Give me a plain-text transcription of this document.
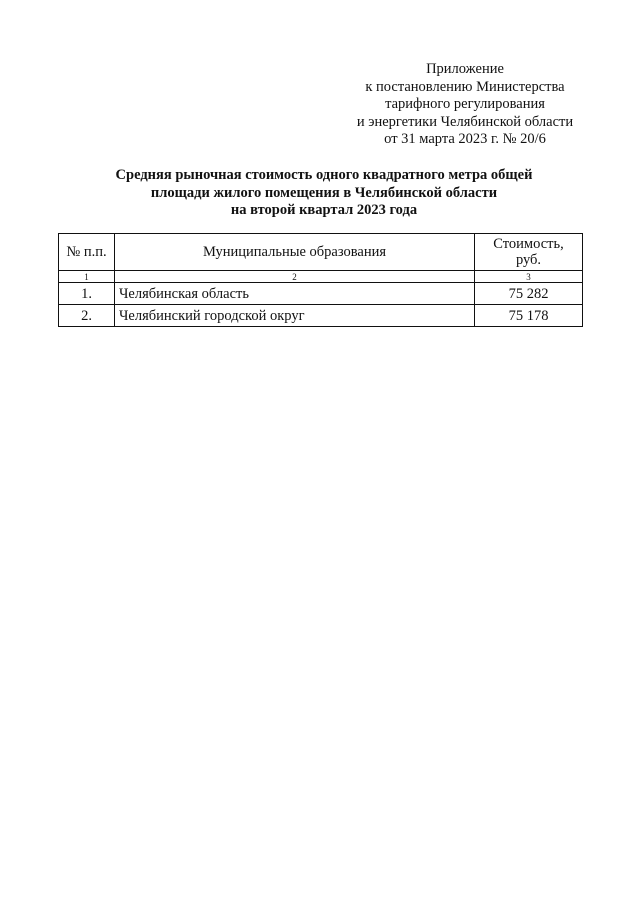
Приложение
к постановлению Министерства
тарифного регулирования
и энергетики Челябинской области
от 31 марта 2023 г. № 20/6
Средняя рыночная стоимость одного квадратного метра общей
площади жилого помещения в Челябинской области
на второй квартал 2023 года
№ п.п.	Муниципальные образования	Стоимость,
руб.

1	2	3
1.	Челябинская область	75 282
2.	Челябинский городской округ	75 178
